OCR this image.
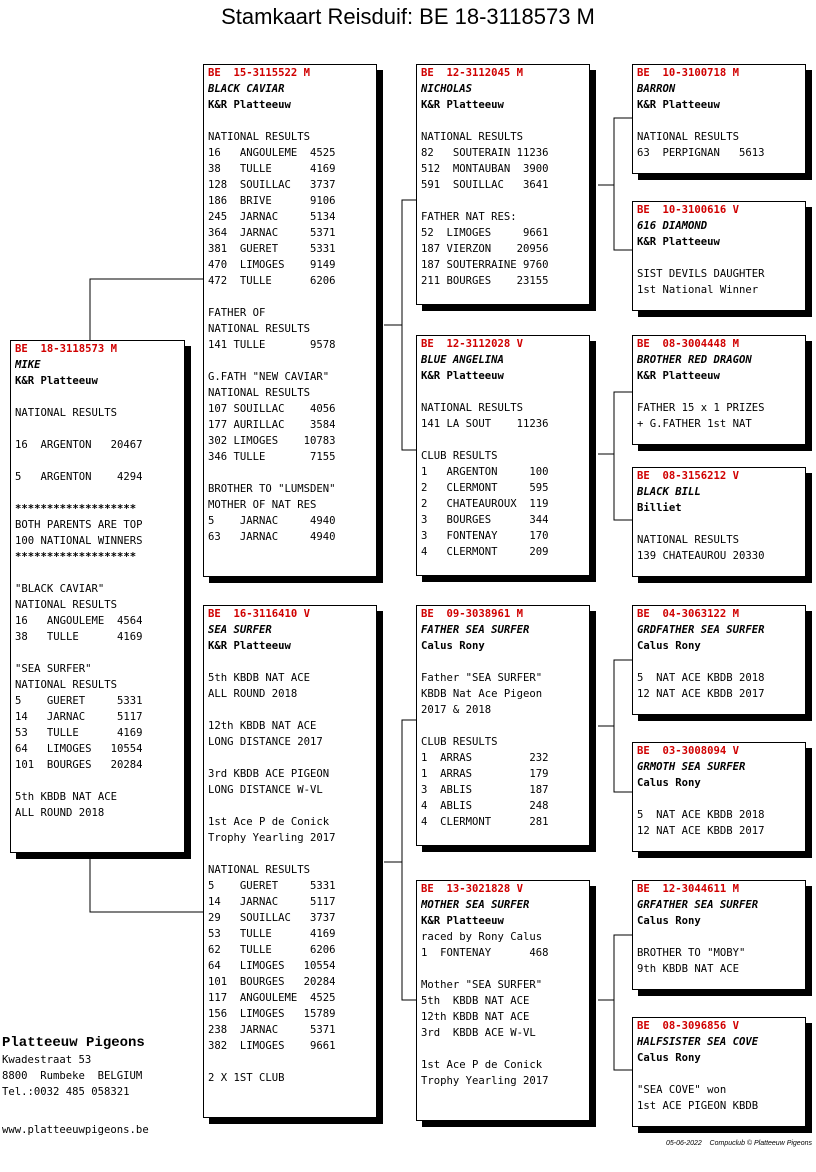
Stamkaart Reisduif: BE 18-3118573 M
BE  18-3118573 M
MIKE
K&R Platteeuw
NATIONAL RESULTS
16  ARGENTON   20467
5   ARGENTON    4294
*******************
BOTH PARENTS ARE TOP
100 NATIONAL WINNERS
*******************
"BLACK CAVIAR"
NATIONAL RESULTS
16   ANGOULEME  4564
38   TULLE      4169
"SEA SURFER"
NATIONAL RESULTS
5    GUERET     5331
14   JARNAC     5117
53   TULLE      4169
64   LIMOGES   10554
101  BOURGES   20284
5th KBDB NAT ACE
ALL ROUND 2018
BE  15-3115522 M
BLACK CAVIAR
K&R Platteeuw
NATIONAL RESULTS
16   ANGOULEME  4525
38   TULLE      4169
128  SOUILLAC   3737
186  BRIVE      9106
245  JARNAC     5134
364  JARNAC     5371
381  GUERET     5331
470  LIMOGES    9149
472  TULLE      6206
FATHER OF
NATIONAL RESULTS
141 TULLE       9578
G.FATH "NEW CAVIAR"
NATIONAL RESULTS
107 SOUILLAC    4056
177 AURILLAC    3584
302 LIMOGES    10783
346 TULLE       7155
BROTHER TO "LUMSDEN"
MOTHER OF NAT RES
5    JARNAC     4940
63   JARNAC     4940
BE  16-3116410 V
SEA SURFER
K&R Platteeuw
5th KBDB NAT ACE
ALL ROUND 2018
12th KBDB NAT ACE
LONG DISTANCE 2017
3rd KBDB ACE PIGEON
LONG DISTANCE W-VL
1st Ace P de Conick
Trophy Yearling 2017
NATIONAL RESULTS
5    GUERET     5331
14   JARNAC     5117
29   SOUILLAC   3737
53   TULLE      4169
62   TULLE      6206
64   LIMOGES   10554
101  BOURGES   20284
117  ANGOULEME  4525
156  LIMOGES   15789
238  JARNAC     5371
382  LIMOGES    9661
2 X 1ST CLUB
BE  12-3112045 M
NICHOLAS
K&R Platteeuw
NATIONAL RESULTS
82   SOUTERAIN 11236
512  MONTAUBAN  3900
591  SOUILLAC   3641
FATHER NAT RES:
52  LIMOGES     9661
187 VIERZON    20956
187 SOUTERRAINE 9760
211 BOURGES    23155
BE  12-3112028 V
BLUE ANGELINA
K&R Platteeuw
NATIONAL RESULTS
141 LA SOUT    11236
CLUB RESULTS
1   ARGENTON     100
2   CLERMONT     595
2   CHATEAUROUX  119
3   BOURGES      344
3   FONTENAY     170
4   CLERMONT     209
BE  09-3038961 M
FATHER SEA SURFER
Calus Rony
Father "SEA SURFER"
KBDB Nat Ace Pigeon
2017 & 2018
CLUB RESULTS
1  ARRAS         232
1  ARRAS         179
3  ABLIS         187
4  ABLIS         248
4  CLERMONT      281
BE  13-3021828 V
MOTHER SEA SURFER
K&R Platteeuw
raced by Rony Calus
1  FONTENAY      468
Mother "SEA SURFER"
5th  KBDB NAT ACE
12th KBDB NAT ACE
3rd  KBDB ACE W-VL
1st Ace P de Conick
Trophy Yearling 2017
BE  10-3100718 M
BARRON
K&R Platteeuw
NATIONAL RESULTS
63  PERPIGNAN   5613
BE  10-3100616 V
616 DIAMOND
K&R Platteeuw
SIST DEVILS DAUGHTER
1st National Winner
BE  08-3004448 M
BROTHER RED DRAGON
K&R Platteeuw
FATHER 15 x 1 PRIZES
+ G.FATHER 1st NAT
BE  08-3156212 V
BLACK BILL
Billiet
NATIONAL RESULTS
139 CHATEAUROU 20330
BE  04-3063122 M
GRDFATHER SEA SURFER
Calus Rony
5  NAT ACE KBDB 2018
12 NAT ACE KBDB 2017
BE  03-3008094 V
GRMOTH SEA SURFER
Calus Rony
5  NAT ACE KBDB 2018
12 NAT ACE KBDB 2017
BE  12-3044611 M
GRFATHER SEA SURFER
Calus Rony
BROTHER TO "MOBY"
9th KBDB NAT ACE
BE  08-3096856 V
HALFSISTER SEA COVE
Calus Rony
"SEA COVE" won
1st ACE PIGEON KBDB
Platteeuw Pigeons
Kwadestraat 53
8800  Rumbeke  BELGIUM
Tel.:0032 485 058321
www.platteeuwpigeons.be
05-06-2022    Compuclub © Platteeuw Pigeons
